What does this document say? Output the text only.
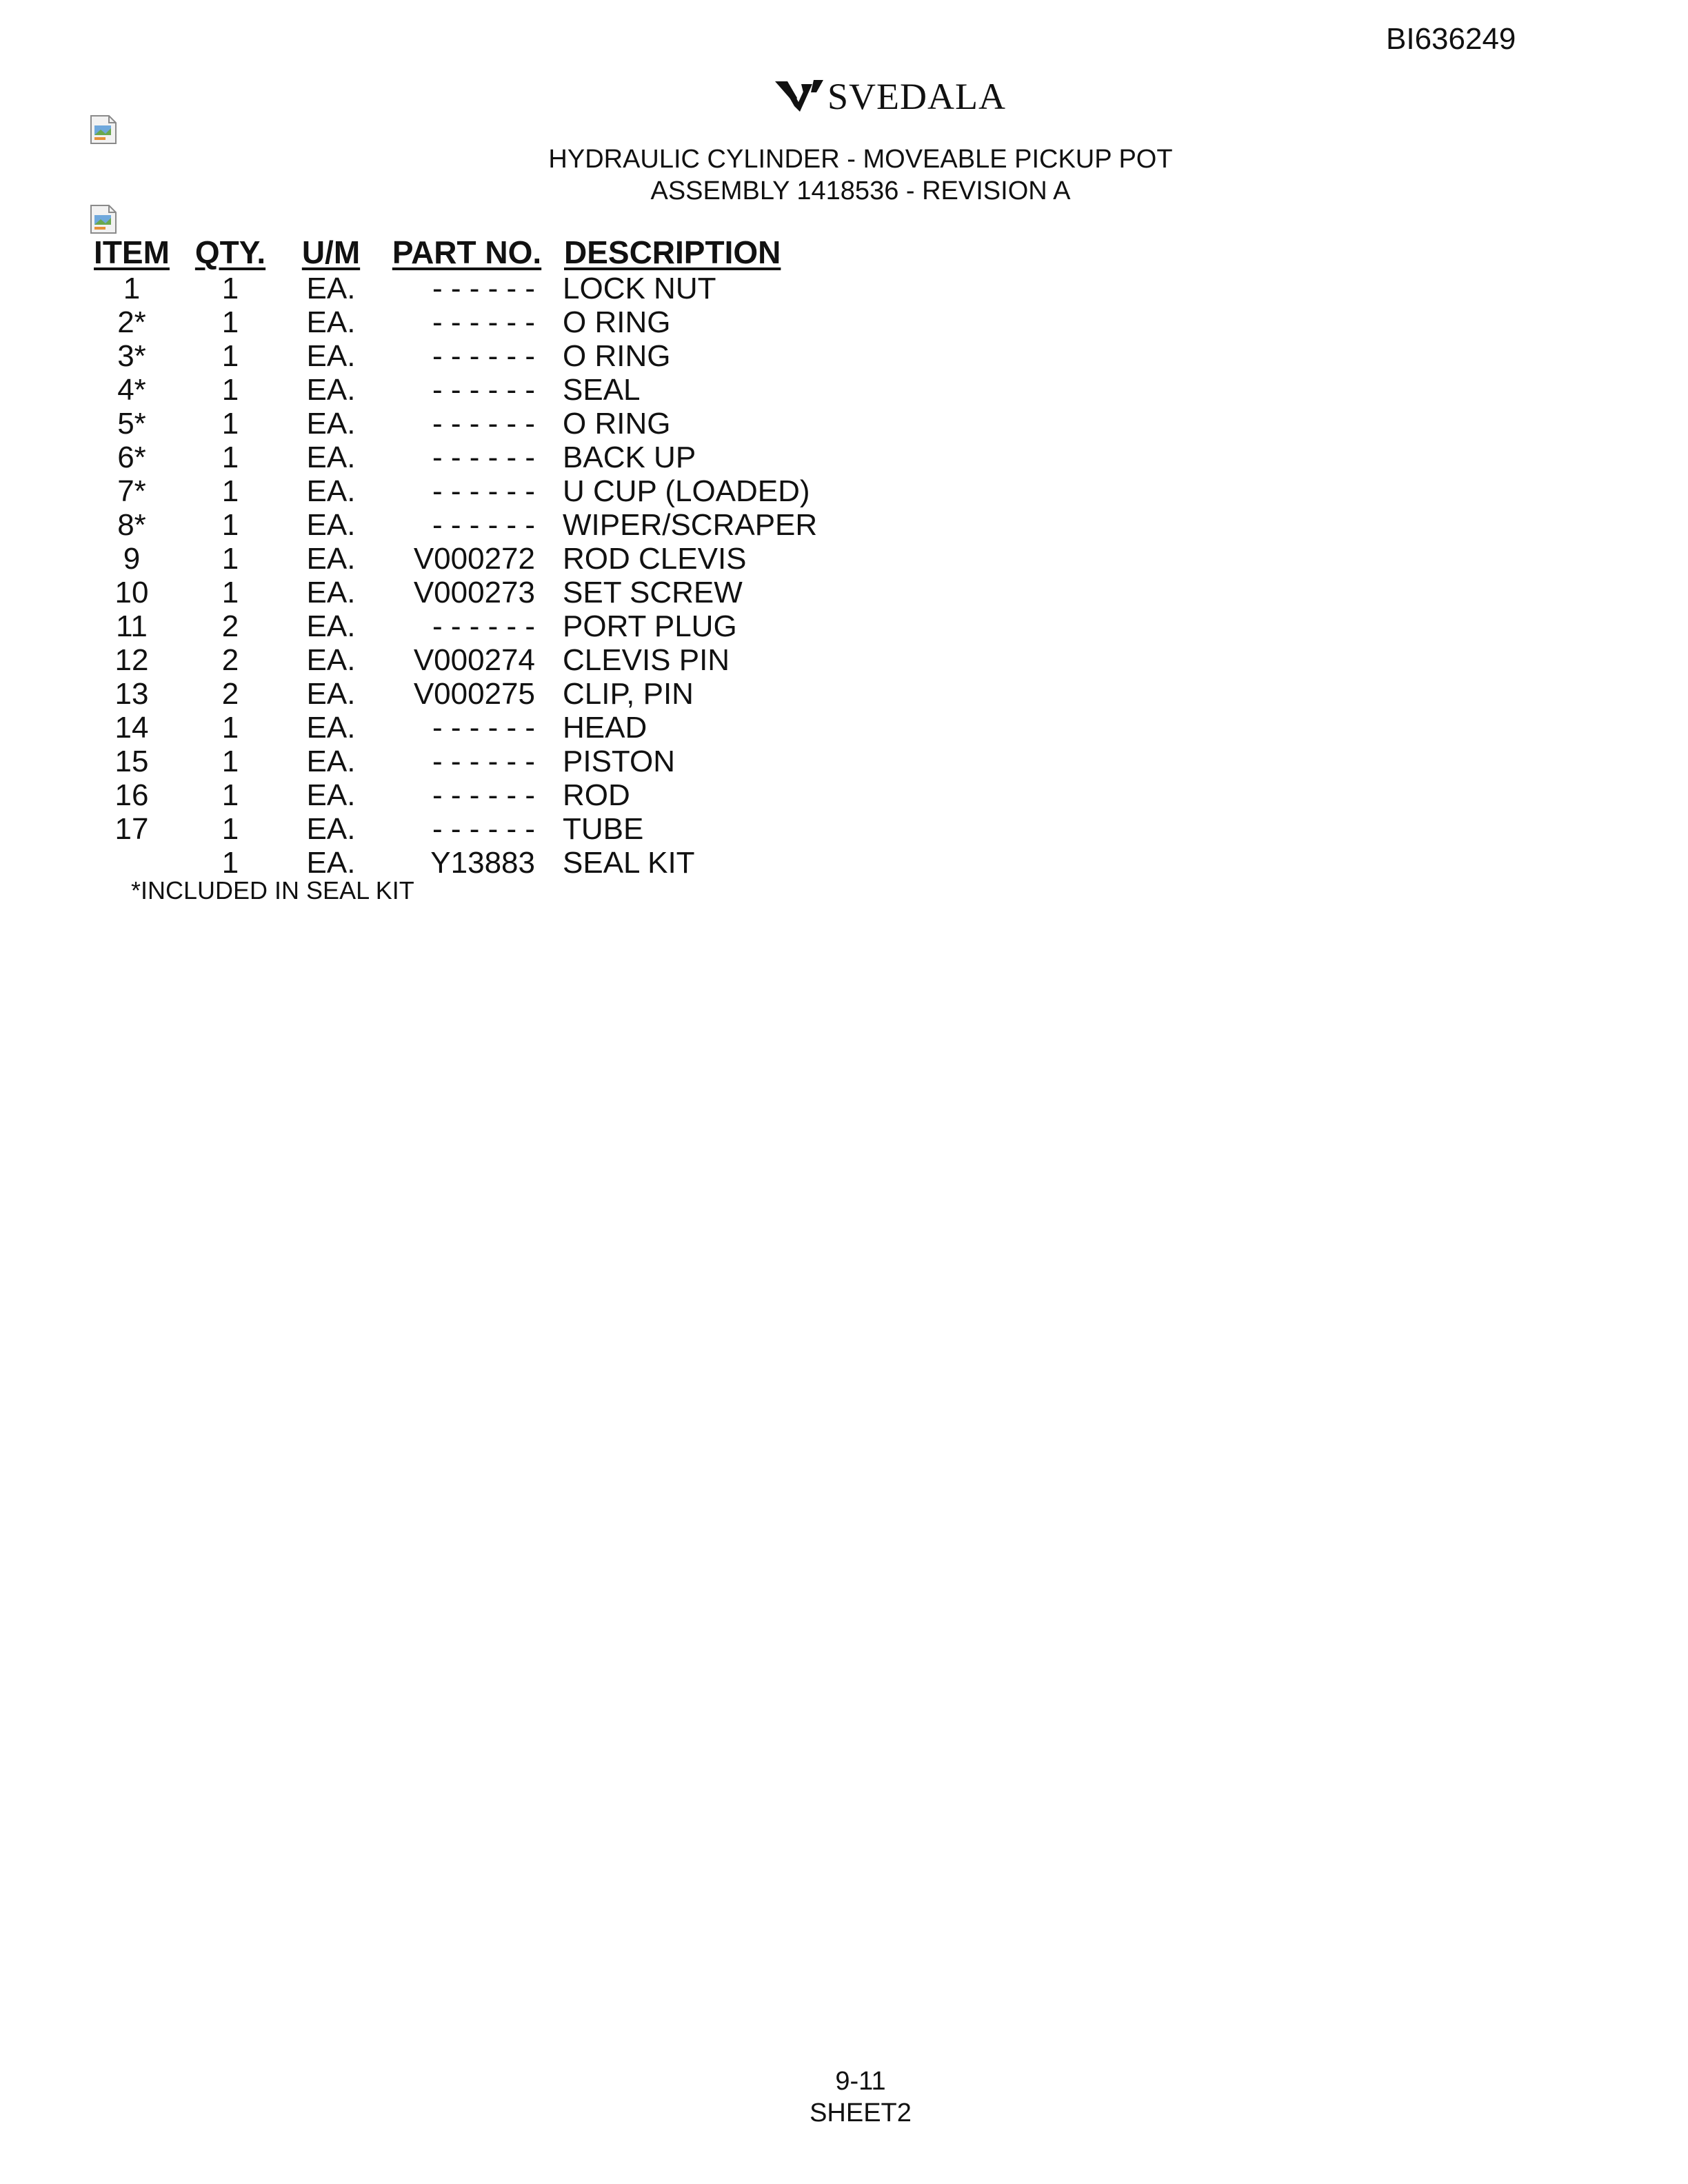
BI636249
SVEDALA
HYDRAULIC CYLINDER - MOVEABLE PICKUP POT
ASSEMBLY 1418536 - REVISION A
ITEM	QTY.	U/M	PART NO.	DESCRIPTION
1	1	EA.	- - - - - -	LOCK NUT
2*	1	EA.	- - - - - -	O RING
3*	1	EA.	- - - - - -	O RING
4*	1	EA.	- - - - - -	SEAL
5*	1	EA.	- - - - - -	O RING
6*	1	EA.	- - - - - -	BACK UP
7*	1	EA.	- - - - - -	U CUP (LOADED)
8*	1	EA.	- - - - - -	WIPER/SCRAPER
9	1	EA.	V000272	ROD CLEVIS
10	1	EA.	V000273	SET SCREW
11	2	EA.	- - - - - -	PORT PLUG
12	2	EA.	V000274	CLEVIS PIN
13	2	EA.	V000275	CLIP, PIN
14	1	EA.	- - - - - -	HEAD
15	1	EA.	- - - - - -	PISTON
16	1	EA.	- - - - - -	ROD
17	1	EA.	- - - - - -	TUBE
	1	EA.	Y13883	SEAL KIT
*INCLUDED IN SEAL KIT
9-11
SHEET2
